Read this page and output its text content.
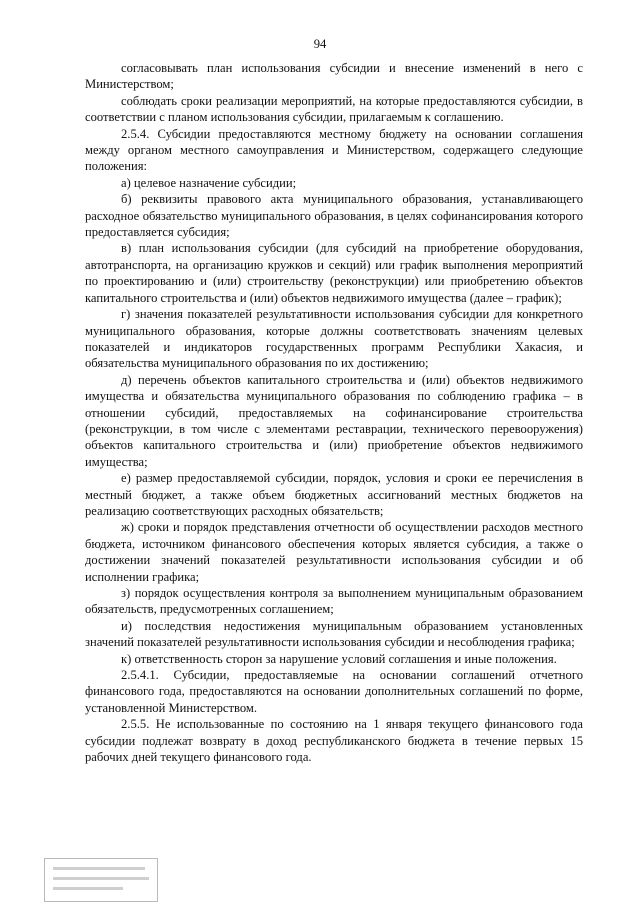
94

согласовывать план использования субсидии и внесение изменений в него с Министерством;

соблюдать сроки реализации мероприятий, на которые предоставляются субсидии, в соответствии с планом использования субсидии, прилагаемым к соглашению.

2.5.4. Субсидии предоставляются местному бюджету на основании соглашения между органом местного самоуправления и Министерством, содержащего следующие положения:

а) целевое назначение субсидии;

б) реквизиты правового акта муниципального образования, устанавливающего расходное обязательство муниципального образования, в целях софинансирования которого предоставляется субсидия;

в) план использования субсидии (для субсидий на приобретение оборудования, автотранспорта, на организацию кружков и секций) или график выполнения мероприятий по проектированию и (или) строительству (реконструкции) или приобретению объектов капитального строительства и (или) объектов недвижимого имущества (далее – график);

г) значения показателей результативности использования субсидии для конкретного муниципального образования, которые должны соответствовать значениям целевых показателей и индикаторов государственных программ Республики Хакасия, и обязательства муниципального образования по их достижению;

д) перечень объектов капитального строительства и (или) объектов недвижимого имущества и обязательства муниципального образования по соблюдению графика – в отношении субсидий, предоставляемых на софинансирование строительства (реконструкции, в том числе с элементами реставрации, технического перевооружения) объектов капитального строительства и (или) приобретение объектов недвижимого имущества;

е) размер предоставляемой субсидии, порядок, условия и сроки ее перечисления в местный бюджет, а также объем бюджетных ассигнований местных бюджетов на реализацию соответствующих расходных обязательств;

ж) сроки и порядок представления отчетности об осуществлении расходов местного бюджета, источником финансового обеспечения которых является субсидия, а также о достижении значений показателей результативности использования субсидии и об исполнении графика;

з) порядок осуществления контроля за выполнением муниципальным образованием обязательств, предусмотренных соглашением;

и) последствия недостижения муниципальным образованием установленных значений показателей результативности использования субсидии и несоблюдения графика;

к) ответственность сторон за нарушение условий соглашения и иные положения.

2.5.4.1. Субсидии, предоставляемые на основании соглашений отчетного финансового года, предоставляются на основании дополнительных соглашений по форме, установленной Министерством.

2.5.5. Не использованные по состоянию на 1 января текущего финансового года субсидии подлежат возврату в доход республиканского бюджета в течение первых 15 рабочих дней текущего финансового года.
